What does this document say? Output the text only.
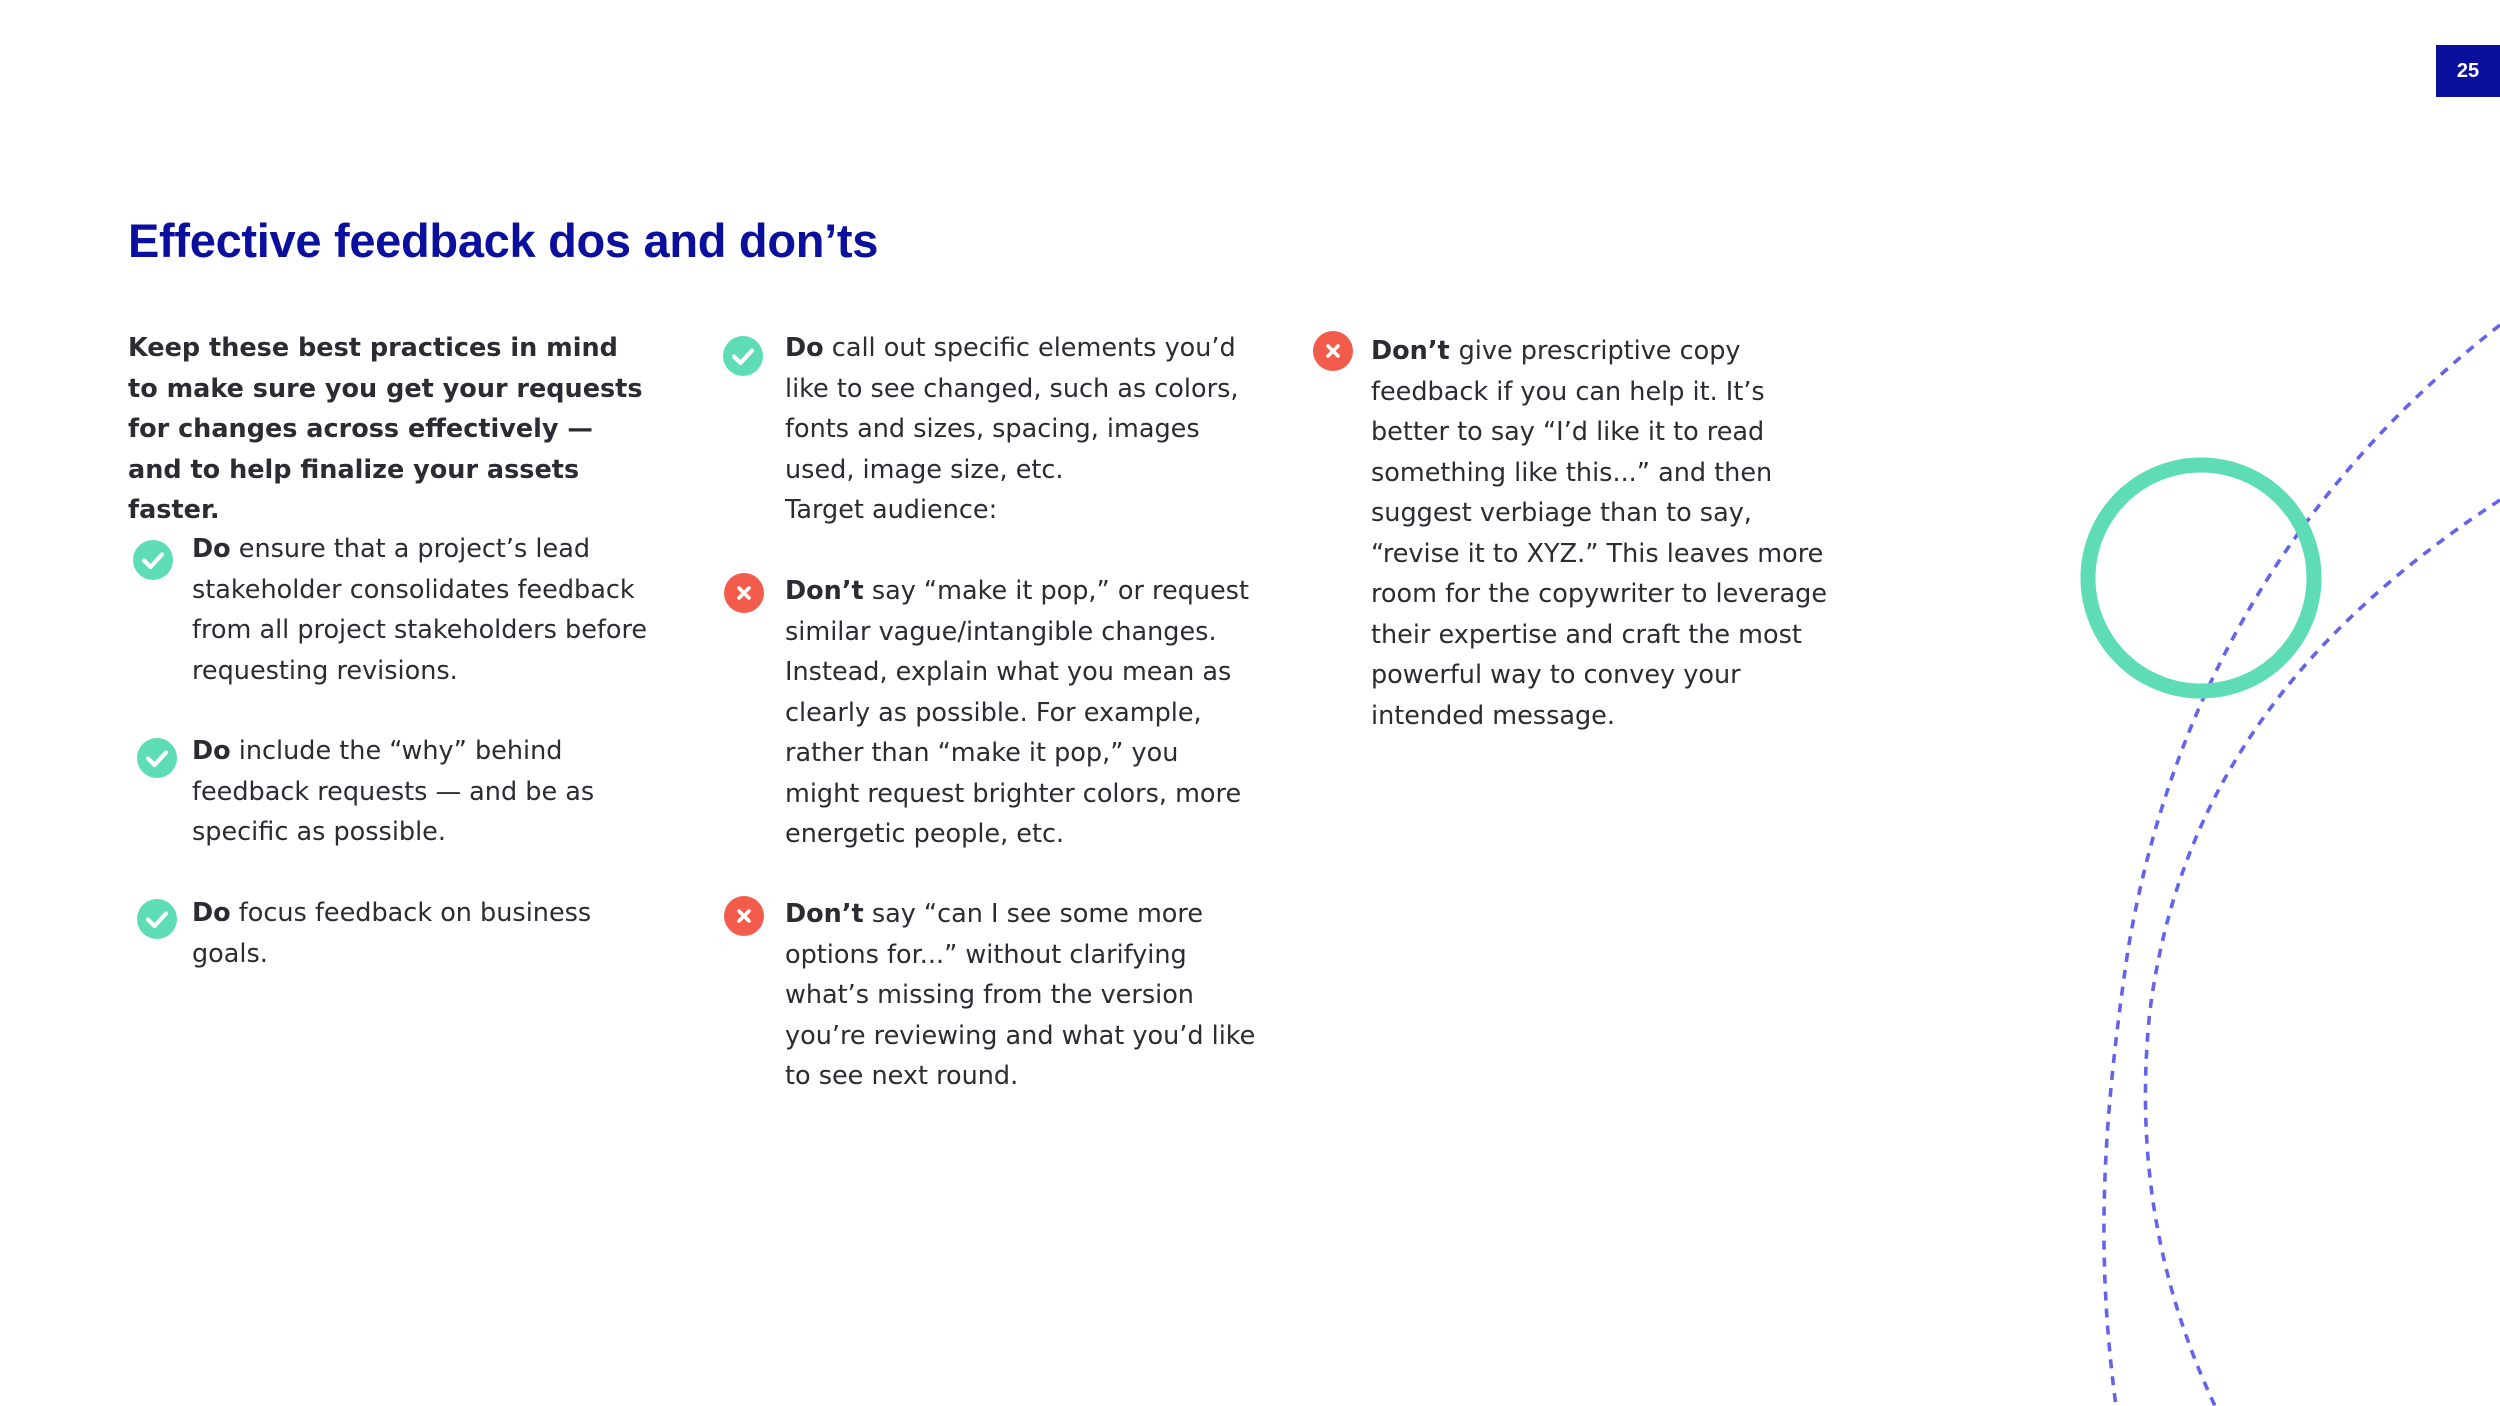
25
Effective feedback dos and don’ts

Keep these best practices in mind to make sure you get your requests for changes across effectively — and to help finalize your assets faster.

Do ensure that a project’s lead stakeholder consolidates feedback from all project stakeholders before requesting revisions.
Do include the “why” behind feedback requests — and be as specific as possible.
Do focus feedback on business goals.
Do call out specific elements you’d like to see changed, such as colors, fonts and sizes, spacing, images used, image size, etc.
Target audience:
Don’t say “make it pop,” or request similar vague/intangible changes. Instead, explain what you mean as clearly as possible. For example, rather than “make it pop,” you might request brighter colors, more energetic people, etc.
Don’t say “can I see some more options for...” without clarifying what’s missing from the version you’re reviewing and what you’d like to see next round.
Don’t give prescriptive copy feedback if you can help it. It’s better to say “I’d like it to read something like this...” and then suggest verbiage than to say, “revise it to XYZ.” This leaves more room for the copywriter to leverage their expertise and craft the most powerful way to convey your intended message.
